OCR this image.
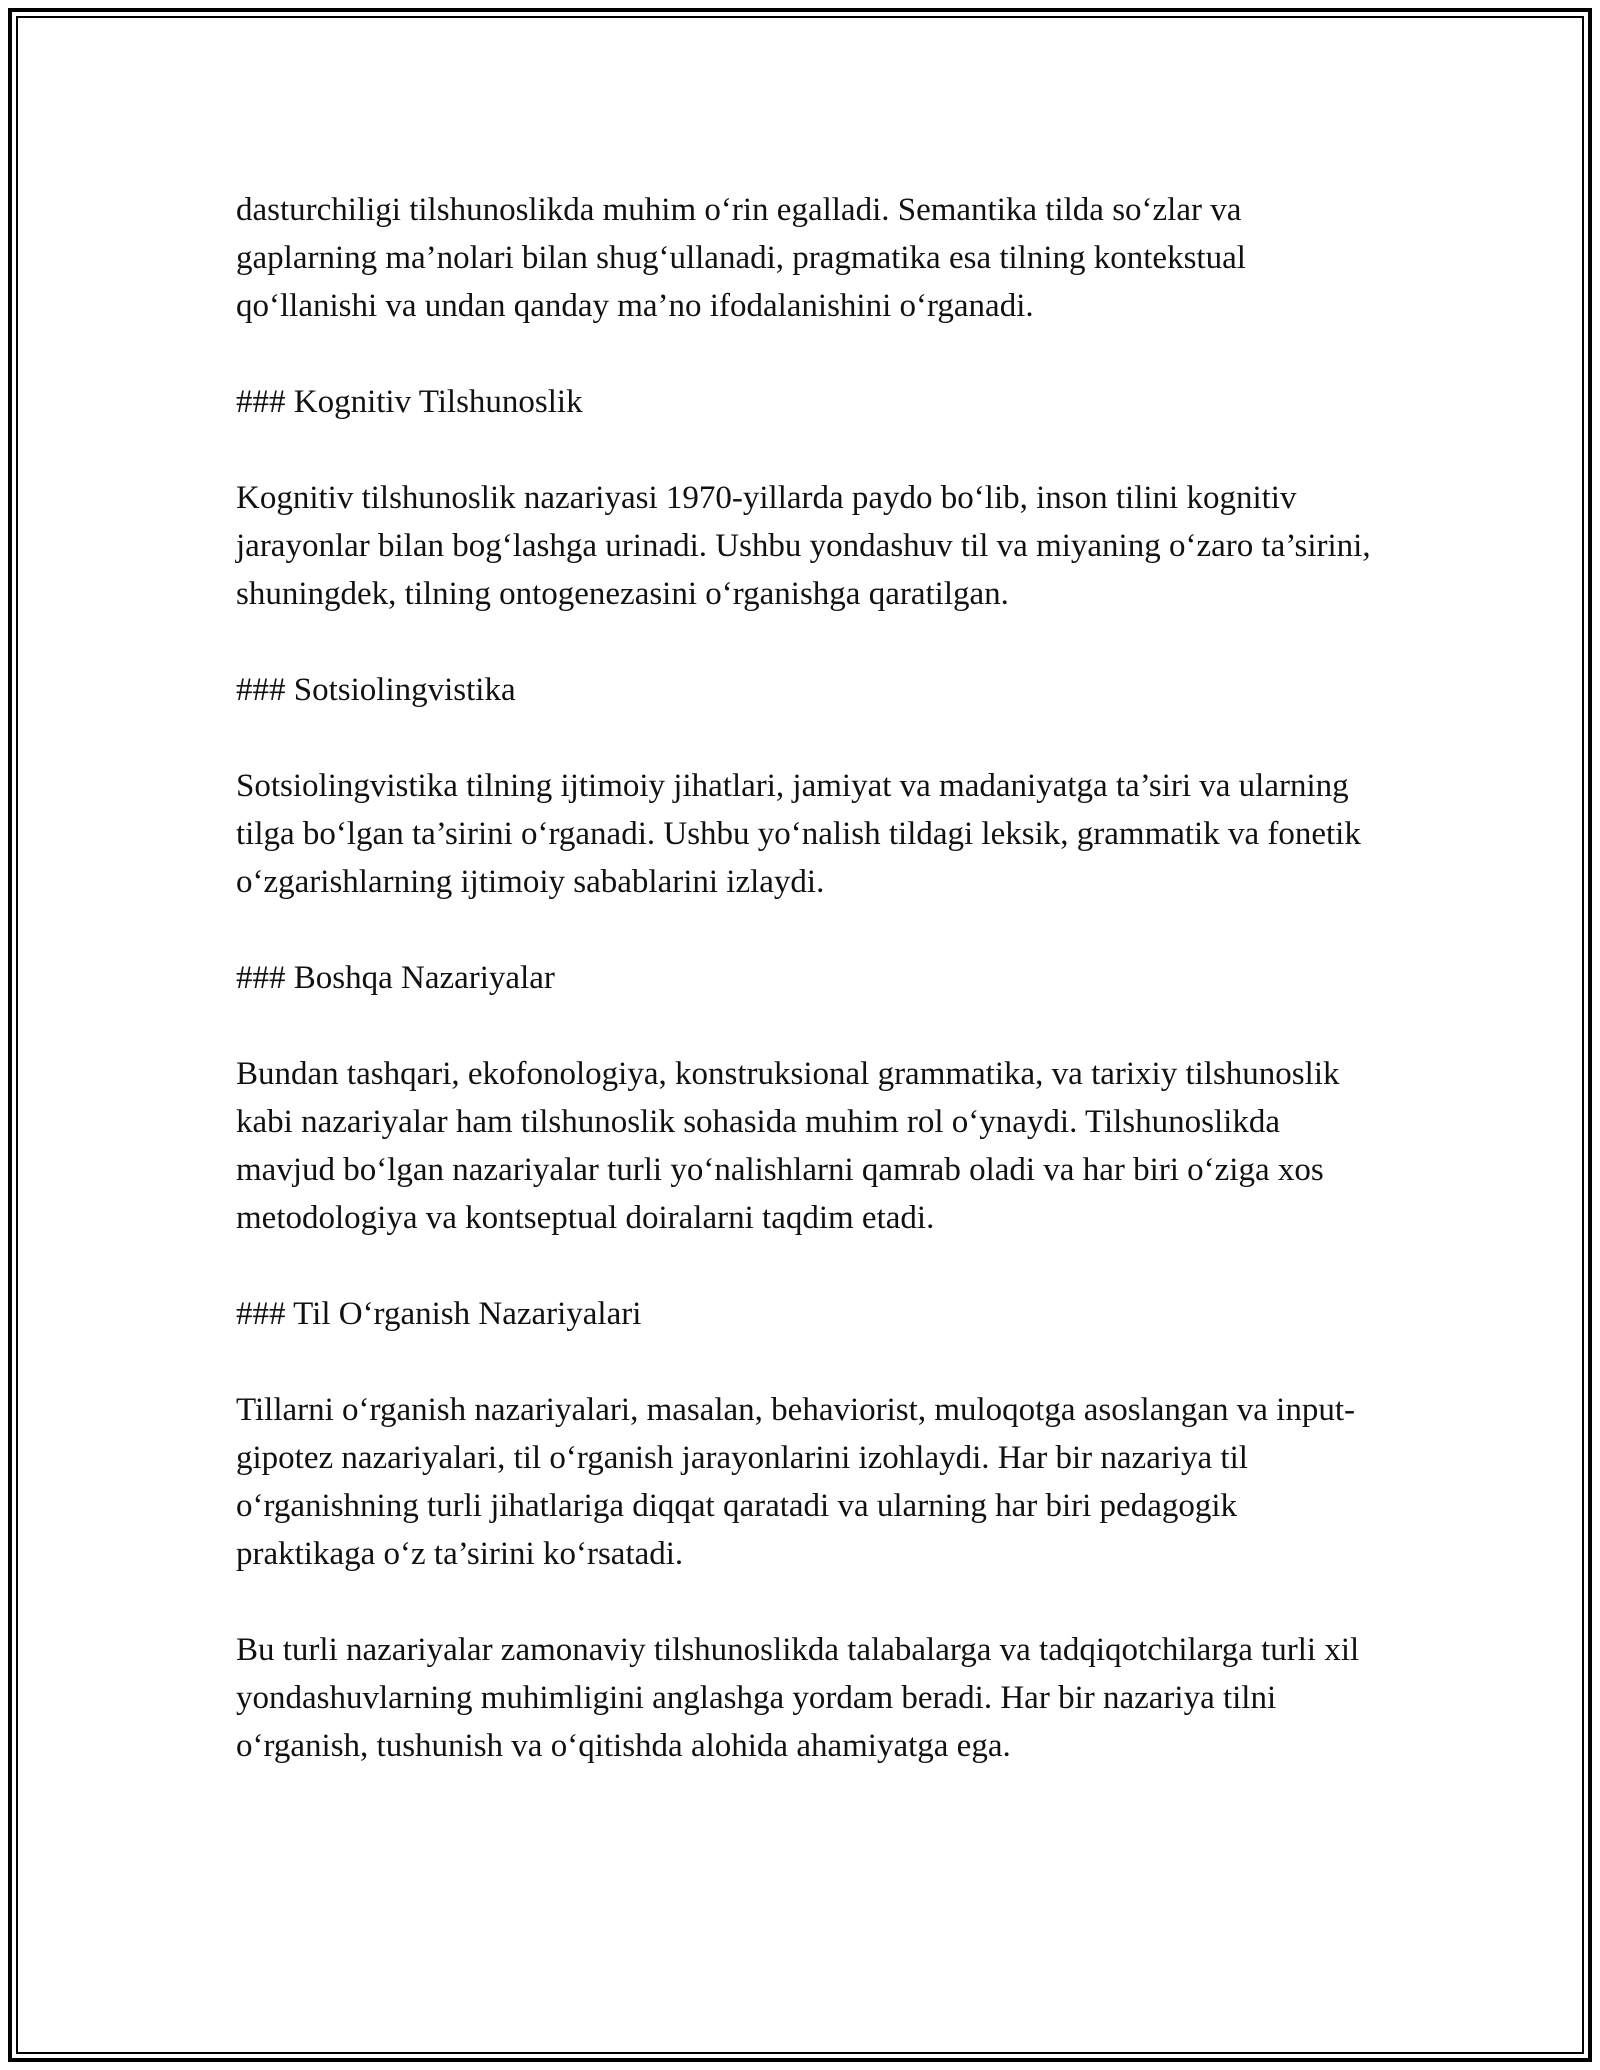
dasturchiligi tilshunoslikda muhim o‘rin egalladi. Semantika tilda so‘zlar va gaplarning ma’nolari bilan shug‘ullanadi, pragmatika esa tilning kontekstual qo‘llanishi va undan qanday ma’no ifodalanishini o‘rganadi.

### Kognitiv Tilshunoslik

Kognitiv tilshunoslik nazariyasi 1970-yillarda paydo bo‘lib, inson tilini kognitiv jarayonlar bilan bog‘lashga urinadi. Ushbu yondashuv til va miyaning o‘zaro ta’sirini, shuningdek, tilning ontogenezasini o‘rganishga qaratilgan.

### Sotsiolingvistika

Sotsiolingvistika tilning ijtimoiy jihatlari, jamiyat va madaniyatga ta’siri va ularning tilga bo‘lgan ta’sirini o‘rganadi. Ushbu yo‘nalish tildagi leksik, grammatik va fonetik o‘zgarishlarning ijtimoiy sabablarini izlaydi.

### Boshqa Nazariyalar

Bundan tashqari, ekofonologiya, konstruksional grammatika, va tarixiy tilshunoslik kabi nazariyalar ham tilshunoslik sohasida muhim rol o‘ynaydi. Tilshunoslikda mavjud bo‘lgan nazariyalar turli yo‘nalishlarni qamrab oladi va har biri o‘ziga xos metodologiya va kontseptual doiralarni taqdim etadi.

### Til O‘rganish Nazariyalari

Tillarni o‘rganish nazariyalari, masalan, behaviorist, muloqotga asoslangan va input-gipotez nazariyalari, til o‘rganish jarayonlarini izohlaydi. Har bir nazariya til o‘rganishning turli jihatlariga diqqat qaratadi va ularning har biri pedagogik praktikaga o‘z ta’sirini ko‘rsatadi.

Bu turli nazariyalar zamonaviy tilshunoslikda talabalarga va tadqiqotchilarga turli xil yondashuvlarning muhimligini anglashga yordam beradi. Har bir nazariya tilni o‘rganish, tushunish va o‘qitishda alohida ahamiyatga ega.
